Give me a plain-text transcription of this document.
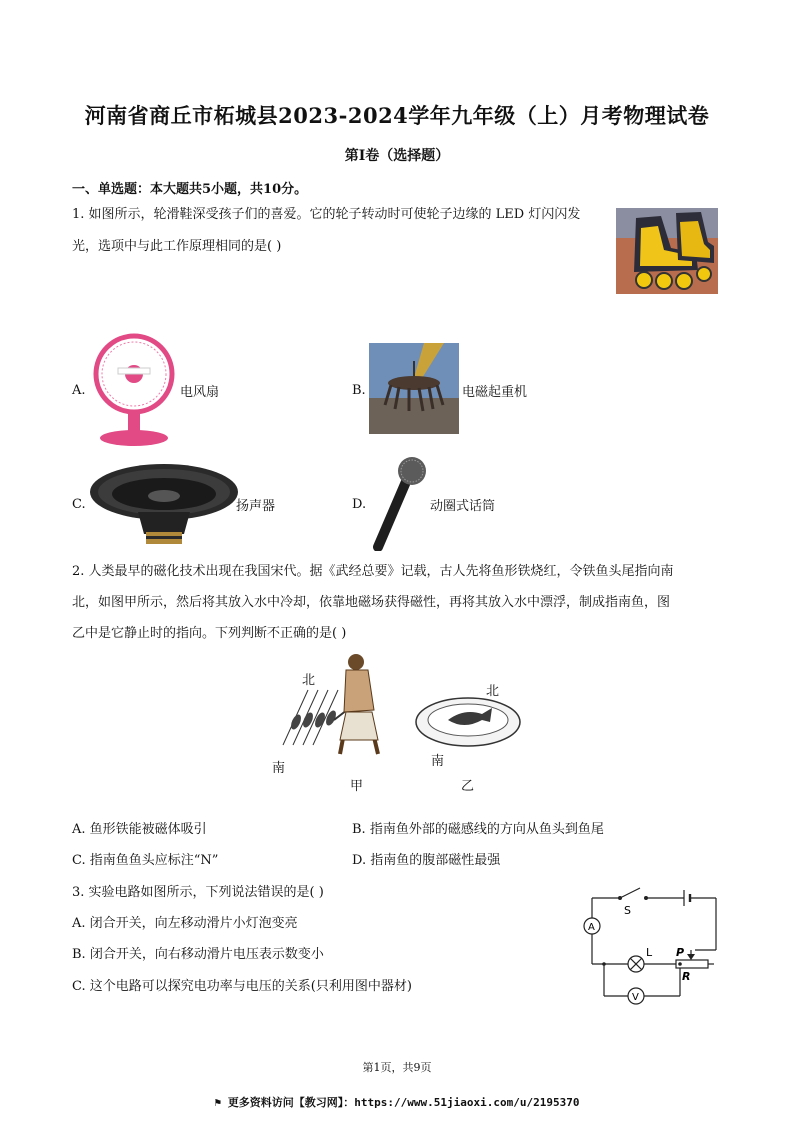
河南省商丘市柘城县2023-2024学年九年级（上）月考物理试卷
第Ⅰ卷（选择题）
一、单选题：本大题共5小题，共10分。
1. 如图所示，轮滑鞋深受孩子们的喜爱。它的轮子转动时可使轮子边缘的 LED 灯闪闪发
光，选项中与此工作原理相同的是( )
A.	电风扇	B.	电磁起重机
C.	扬声器	D.	动圈式话筒
2. 人类最早的磁化技术出现在我国宋代。据《武经总要》记载，古人先将鱼形铁烧红，令铁鱼头尾指向南
北，如图甲所示，然后将其放入水中冷却，依靠地磁场获得磁性，再将其放入水中漂浮，制成指南鱼，图
乙中是它静止时的指向。下列判断不正确的是( )
北
南
甲
北
南
乙
A. 鱼形铁能被磁体吸引	B. 指南鱼外部的磁感线的方向从鱼头到鱼尾
C. 指南鱼鱼头应标注“N”	D. 指南鱼的腹部磁性最强
3. 实验电路如图所示，下列说法错误的是( )
A. 闭合开关，向左移动滑片小灯泡变亮
B. 闭合开关，向右移动滑片电压表示数变小
C. 这个电路可以探究电功率与电压的关系(只利用图中器材)
S
A
L P
R
V
第1页，共9页
⚑ 更多资料访问【教习网】：https://www.51jiaoxi.com/u/2195370
